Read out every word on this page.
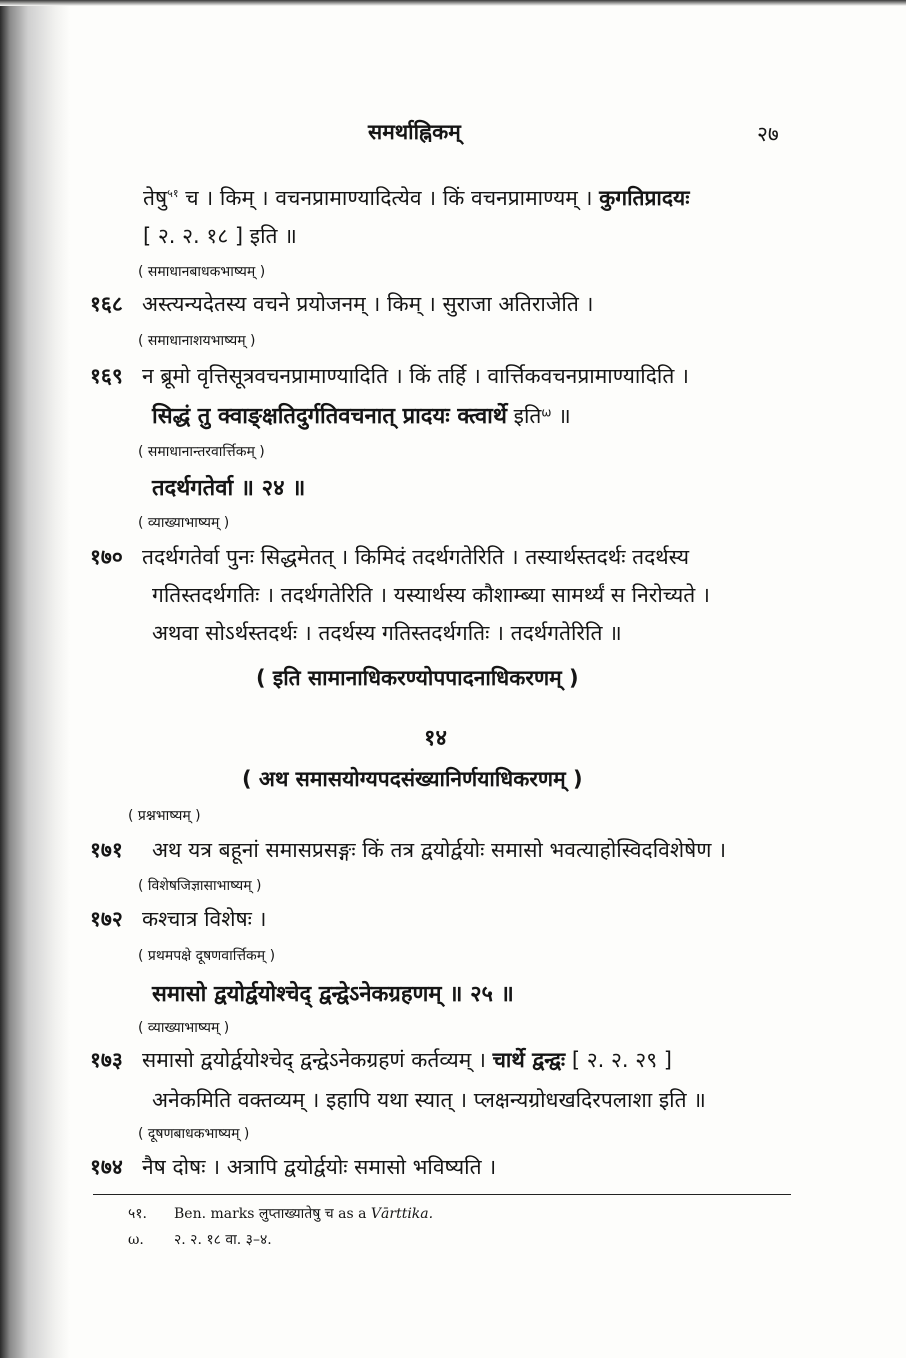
समर्थाह्निकम्	२७
तेषु$^{५१}$ च । किम् । वचनप्रामाण्यादित्येव । किं वचनप्रामाण्यम् । कुगतिप्रादयः
[ २. २. १८ ] इति ॥
( समाधानबाधकभाष्यम् )
१६८ अस्त्यन्यदेतस्य वचने प्रयोजनम् । किम् । सुराजा अतिराजेति ।
( समाधानाशयभाष्यम् )
१६९ न ब्रूमो वृत्तिसूत्रवचनप्रामाण्यादिति । किं तर्हि । वार्त्तिकवचनप्रामाण्यादिति ।
सिद्धं तु क्वाङ्क्षतिदुर्गतिवचनात् प्रादयः क्त्वार्थे इति$^\omega$ ॥
( समाधानान्तरवार्त्तिकम् )
तदर्थगतेर्वा ॥ २४ ॥
( व्याख्याभाष्यम् )
१७० तदर्थगतेर्वा पुनः सिद्धमेतत् । किमिदं तदर्थगतेरिति । तस्यार्थस्तदर्थः तदर्थस्य
गतिस्तदर्थगतिः । तदर्थगतेरिति । यस्यार्थस्य कौशाम्ब्या सामर्थ्यं स निरोच्यते ।
अथवा सोऽर्थस्तदर्थः । तदर्थस्य गतिस्तदर्थगतिः । तदर्थगतेरिति ॥
( इति सामानाधिकरण्योपपादनाधिकरणम् )
१४
( अथ समासयोग्यपदसंख्यानिर्णयाधिकरणम् )
( प्रश्नभाष्यम् )
१७१ अथ यत्र बहूनां समासप्रसङ्गः किं तत्र द्वयोर्द्वयोः समासो भवत्याहोस्विदविशेषेण ।
( विशेषजिज्ञासाभाष्यम् )
१७२ कश्चात्र विशेषः ।
( प्रथमपक्षे दूषणवार्त्तिकम् )
समासो द्वयोर्द्वयोश्चेद् द्वन्द्वेऽनेकग्रहणम् ॥ २५ ॥
( व्याख्याभाष्यम् )
१७३ समासो द्वयोर्द्वयोश्चेद् द्वन्द्वेऽनेकग्रहणं कर्तव्यम् । चार्थे द्वन्द्वः [ २. २. २९ ]
अनेकमिति वक्तव्यम् । इहापि यथा स्यात् । प्लक्षन्यग्रोधखदिरपलाशा इति ॥
( दूषणबाधकभाष्यम् )
१७४ नैष दोषः । अत्रापि द्वयोर्द्वयोः समासो भविष्यति ।
५१. Ben. marks लुप्ताख्यातेषु च as a Vārttika.
ω. २. २. १८ वा. ३–४.
